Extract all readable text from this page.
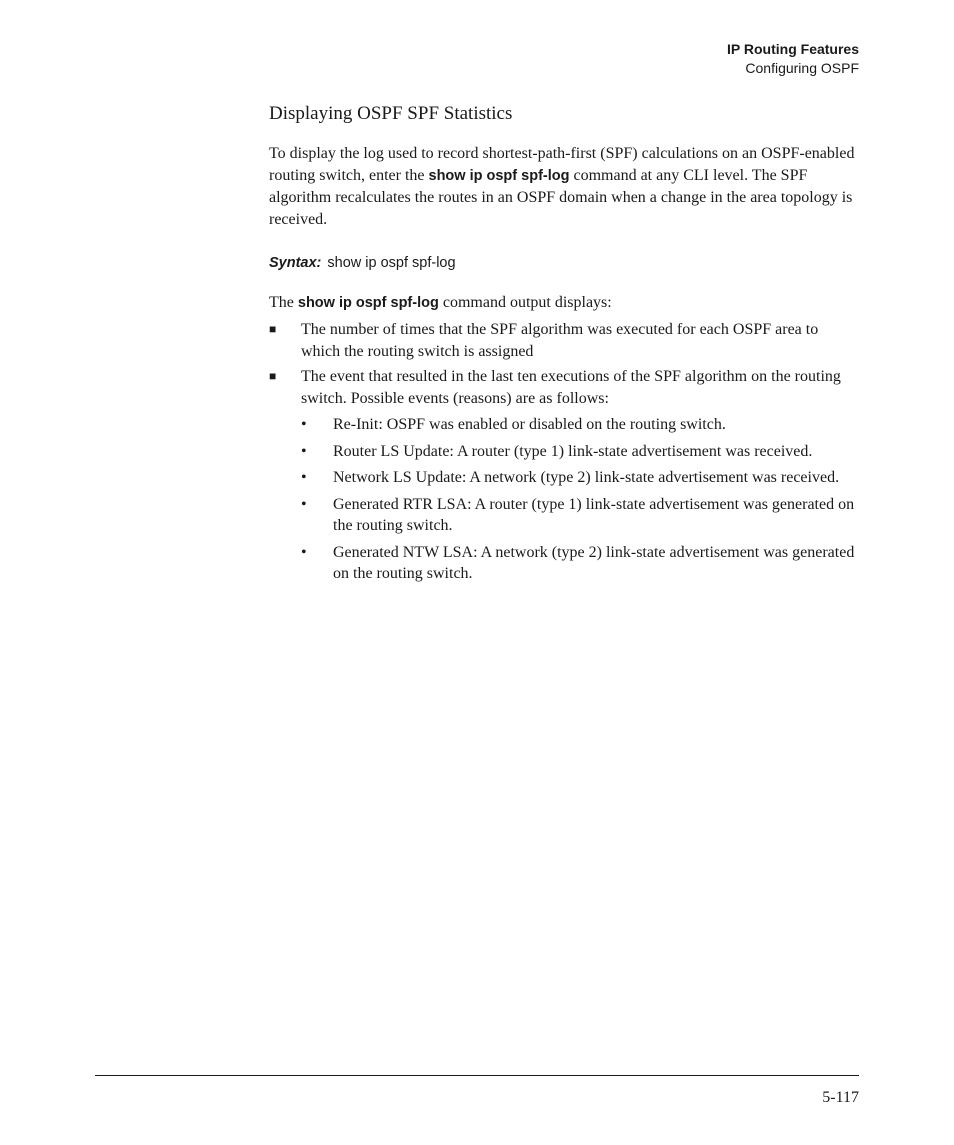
IP Routing Features
Configuring OSPF
Displaying OSPF SPF Statistics

To display the log used to record shortest-path-first (SPF) calculations on an OSPF-enabled routing switch, enter the show ip ospf spf-log command at any CLI level. The SPF algorithm recalculates the routes in an OSPF domain when a change in the area topology is received.

Syntax: show ip ospf spf-log

The show ip ospf spf-log command output displays:

■ The number of times that the SPF algorithm was executed for each OSPF area to which the routing switch is assigned
■ The event that resulted in the last ten executions of the SPF algorithm on the routing switch. Possible events (reasons) are as follows:
• Re-Init: OSPF was enabled or disabled on the routing switch.
• Router LS Update: A router (type 1) link-state advertisement was received.
• Network LS Update: A network (type 2) link-state advertisement was received.
• Generated RTR LSA: A router (type 1) link-state advertisement was generated on the routing switch.
• Generated NTW LSA: A network (type 2) link-state advertisement was generated on the routing switch.
5-117
